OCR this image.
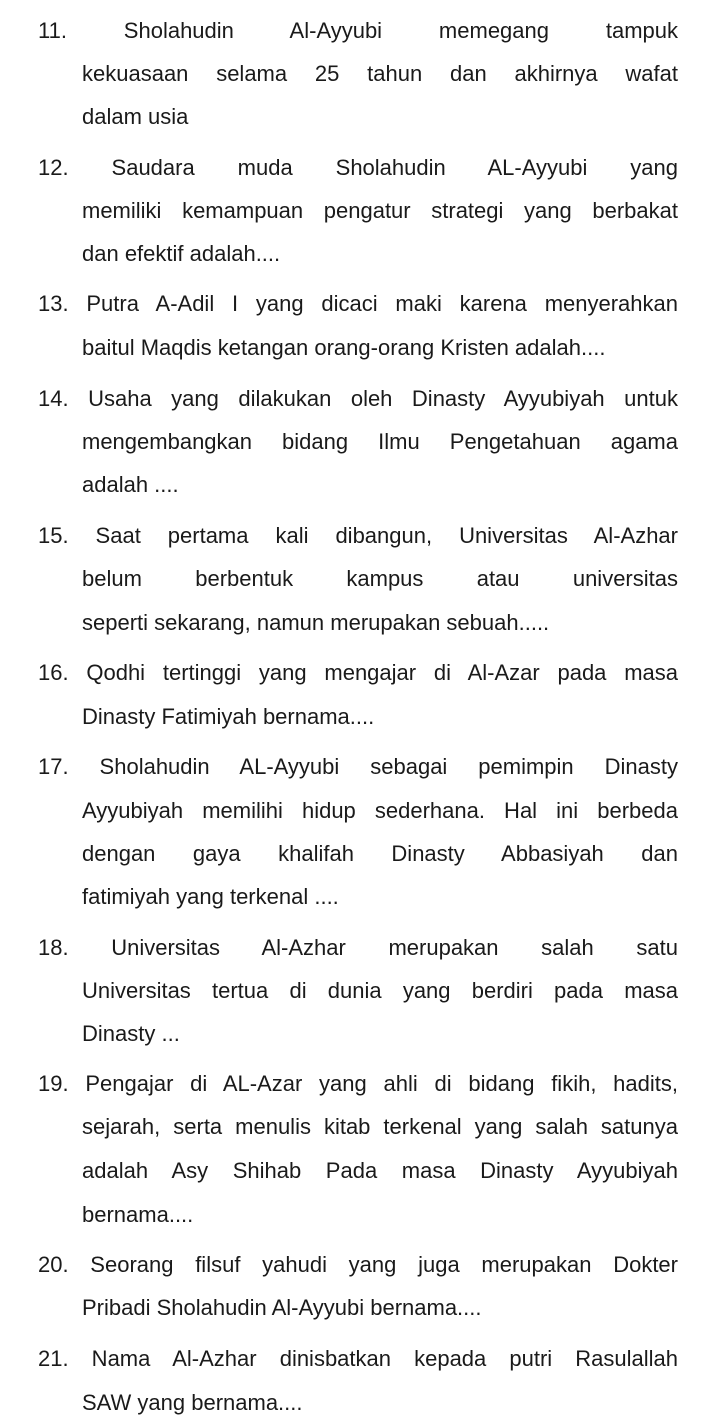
11. Sholahudin Al-Ayyubi memegang tampuk
kekuasaan selama 25 tahun dan akhirnya wafat
dalam usia
12. Saudara muda Sholahudin AL-Ayyubi yang
memiliki kemampuan pengatur strategi yang berbakat
dan efektif adalah....
13. Putra A-Adil I yang dicaci maki karena menyerahkan
baitul Maqdis ketangan orang-orang Kristen adalah....
14. Usaha yang dilakukan oleh Dinasty Ayyubiyah untuk
mengembangkan bidang Ilmu Pengetahuan agama
adalah ....
15. Saat pertama kali dibangun, Universitas Al-Azhar
belum berbentuk kampus atau universitas
seperti sekarang, namun merupakan sebuah.....
16. Qodhi tertinggi yang mengajar di Al-Azar pada masa
Dinasty Fatimiyah bernama....
17. Sholahudin AL-Ayyubi sebagai pemimpin Dinasty
Ayyubiyah memilihi hidup sederhana. Hal ini berbeda
dengan gaya khalifah Dinasty Abbasiyah dan
fatimiyah yang terkenal ....
18. Universitas Al-Azhar merupakan salah satu
Universitas tertua di dunia yang berdiri pada masa
Dinasty ...
19. Pengajar di AL-Azar yang ahli di bidang fikih, hadits,
sejarah, serta menulis kitab terkenal yang salah satunya
adalah Asy Shihab Pada masa Dinasty Ayyubiyah
bernama....
20. Seorang filsuf yahudi yang juga merupakan Dokter
Pribadi Sholahudin Al-Ayyubi bernama....
21. Nama Al-Azhar dinisbatkan kepada putri Rasulallah
SAW yang bernama....
